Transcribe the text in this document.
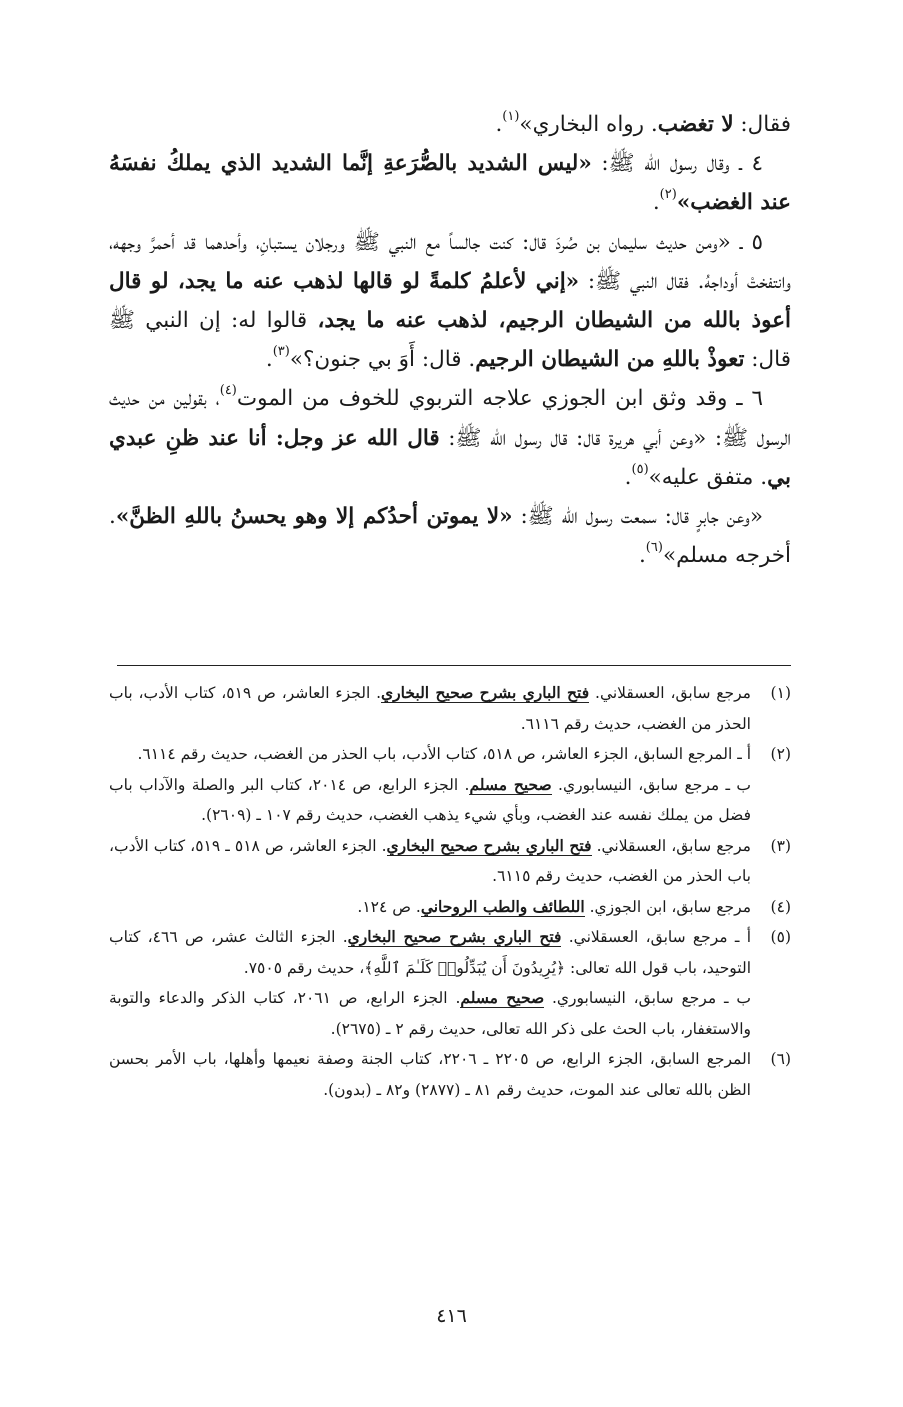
فقال: لا تغضب. رواه البخاري»$^{(١)}$.

٤ ـ وقال رسول الله ﷺ: «ليس الشديد بالصُّرَعةِ إنَّما الشديد الذي يملكُ نفسَهُ عند الغضب»$^{(٢)}$.

٥ ـ «ومن حديث سليمان بن صُردَ قال: كنت جالساً مع النبي ﷺ ورجلان يستبانِ، وأحدهما قد أحمرَّ وجهه، وانتفختْ أوداجهُ. فقال النبي ﷺ: «إني لأعلمُ كلمةً لو قالها لذهب عنه ما يجد، لو قال أعوذ بالله من الشيطان الرجيم، لذهب عنه ما يجد، قالوا له: إن النبي ﷺ قال: تعوذْ باللهِ من الشيطان الرجيم. قال: أَوَ بي جنون؟»$^{(٣)}$.

٦ ـ وقد وثق ابن الجوزي علاجه التربوي للخوف من الموت$^{(٤)}$، بقولين من حديث الرسول ﷺ: «وعن أبي هريرة قال: قال رسول الله ﷺ: قال الله عز وجل: أنا عند ظنِ عبدي بي. متفق عليه»$^{(٥)}$.

«وعن جابرٍ قال: سمعت رسول الله ﷺ: «لا يموتن أحدُكم إلا وهو يحسنُ باللهِ الظنَّ». أخرجه مسلم»$^{(٦)}$.

(١)
مرجع سابق، العسقلاني. فتح الباري بشرح صحيح البخاري. الجزء العاشر، ص ٥١٩، كتاب الأدب، باب الحذر من الغضب، حديث رقم ٦١١٦.
(٢)
أ ـ المرجع السابق، الجزء العاشر، ص ٥١٨، كتاب الأدب، باب الحذر من الغضب، حديث رقم ٦١١٤.
ب ـ مرجع سابق، النيسابوري. صحيح مسلم. الجزء الرابع، ص ٢٠١٤، كتاب البر والصلة والآداب باب فضل من يملك نفسه عند الغضب، وبأي شيء يذهب الغضب، حديث رقم ١٠٧ ـ (٢٦٠٩).
(٣)
مرجع سابق، العسقلاني. فتح الباري بشرح صحيح البخاري. الجزء العاشر، ص ٥١٨ ـ ٥١٩، كتاب الأدب، باب الحذر من الغضب، حديث رقم ٦١١٥.
(٤)
مرجع سابق، ابن الجوزي. اللطائف والطب الروحاني. ص ١٢٤.
(٥)
أ ـ مرجع سابق، العسقلاني. فتح الباري بشرح صحيح البخاري. الجزء الثالث عشر، ص ٤٦٦، كتاب التوحيد، باب قول الله تعالى: ﴿يُرِيدُونَ أَن يُبَدِّلُوا۟ كَلَـٰمَ ٱللَّهِ﴾، حديث رقم ٧٥٠٥.
ب ـ مرجع سابق، النيسابوري. صحيح مسلم. الجزء الرابع، ص ٢٠٦١، كتاب الذكر والدعاء والتوبة والاستغفار، باب الحث على ذكر الله تعالى، حديث رقم ٢ ـ (٢٦٧٥).
(٦)
المرجع السابق، الجزء الرابع، ص ٢٢٠٥ ـ ٢٢٠٦، كتاب الجنة وصفة نعيمها وأهلها، باب الأمر بحسن الظن بالله تعالى عند الموت، حديث رقم ٨١ ـ (٢٨٧٧) و٨٢ ـ (بدون).
٤١٦
